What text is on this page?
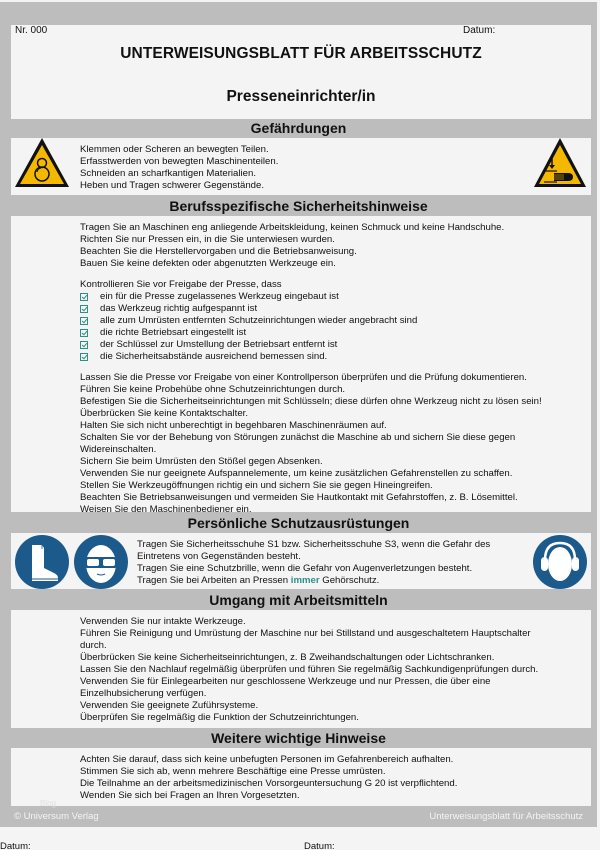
Nr. 000	Datum:
UNTERWEISUNGSBLATT FÜR ARBEITSSCHUTZ
Presseneinrichter/in
Gefährdungen

Klemmen oder Scheren an bewegten Teilen.

Erfasstwerden von bewegten Maschinenteilen.

Schneiden an scharfkantigen Materialien.

Heben und Tragen schwerer Gegenstände.

Berufsspezifische Sicherheitshinweise

Tragen Sie an Maschinen eng anliegende Arbeitskleidung, keinen Schmuck und keine Handschuhe.

Richten Sie nur Pressen ein, in die Sie unterwiesen wurden.

Beachten Sie die Herstellervorgaben und die Betriebsanweisung.

Bauen Sie keine defekten oder abgenutzten Werkzeuge ein.

Kontrollieren Sie vor Freigabe der Presse, dass

ein für die Presse zugelassenes Werkzeug eingebaut ist
das Werkzeug richtig aufgespannt ist
alle zum Umrüsten entfernten Schutzeinrichtungen wieder angebracht sind
die richte Betriebsart eingestellt ist
der Schlüssel zur Umstellung der Betriebsart entfernt ist
die Sicherheitsabstände ausreichend bemessen sind.

Lassen Sie die Presse vor Freigabe von einer Kontrollperson überprüfen und die Prüfung dokumentieren.

Führen Sie keine Probehübe ohne Schutzeinrichtungen durch.

Befestigen Sie die Sicherheitseinrichtungen mit Schlüsseln; diese dürfen ohne Werkzeug nicht zu lösen sein!

Überbrücken Sie keine Kontaktschalter.

Halten Sie sich nicht unberechtigt in begehbaren Maschinenräumen auf.

Schalten Sie vor der Behebung von Störungen zunächst die Maschine ab und sichern Sie diese gegen

Widereinschalten.

Sichern Sie beim Umrüsten den Stößel gegen Absenken.

Verwenden Sie nur geeignete Aufspannelemente, um keine zusätzlichen Gefahrenstellen zu schaffen.

Stellen Sie Werkzeugöffnungen richtig ein und sichern Sie sie gegen Hineingreifen.

Beachten Sie Betriebsanweisungen und vermeiden Sie Hautkontakt mit Gefahrstoffen, z. B. Lösemittel.

Weisen Sie den Maschinenbediener ein.

Persönliche Schutzausrüstungen

Tragen Sie Sicherheitsschuhe S1 bzw. Sicherheitsschuhe S3, wenn die Gefahr des

Eintretens von Gegenständen besteht.

Tragen Sie eine Schutzbrille, wenn die Gefahr von Augenverletzungen besteht.

Tragen Sie bei Arbeiten an Pressen immer Gehörschutz.

Umgang mit Arbeitsmitteln

Verwenden Sie nur intakte Werkzeuge.

Führen Sie Reinigung und Umrüstung der Maschine nur bei Stillstand und ausgeschaltetem Hauptschalter

durch.

Überbrücken Sie keine Sicherheitseinrichtungen, z. B Zweihandschaltungen oder Lichtschranken.

Lassen Sie den Nachlauf regelmäßig überprüfen und führen Sie regelmäßig Sachkundigenprüfungen durch.

Verwenden Sie für Einlegearbeiten nur geschlossene Werkzeuge und nur Pressen, die über eine

Einzelhubsicherung verfügen.

Verwenden Sie geeignete Zuführsysteme.

Überprüfen Sie regelmäßig die Funktion der Schutzeinrichtungen.

Weitere wichtige Hinweise

Achten Sie darauf, dass sich keine unbefugten Personen im Gefahrenbereich aufhalten.

Stimmen Sie sich ab, wenn mehrere Beschäftige eine Presse umrüsten.

Die Teilnahme an der arbeitsmedizinischen Vorsorgeuntersuchung G 20 ist verpflichtend.

Wenden Sie sich bei Fragen an Ihren Vorgesetzten.

Blog
© Universum Verlag	Unterweisungsblatt für Arbeitsschutz
Datum:	Datum:
